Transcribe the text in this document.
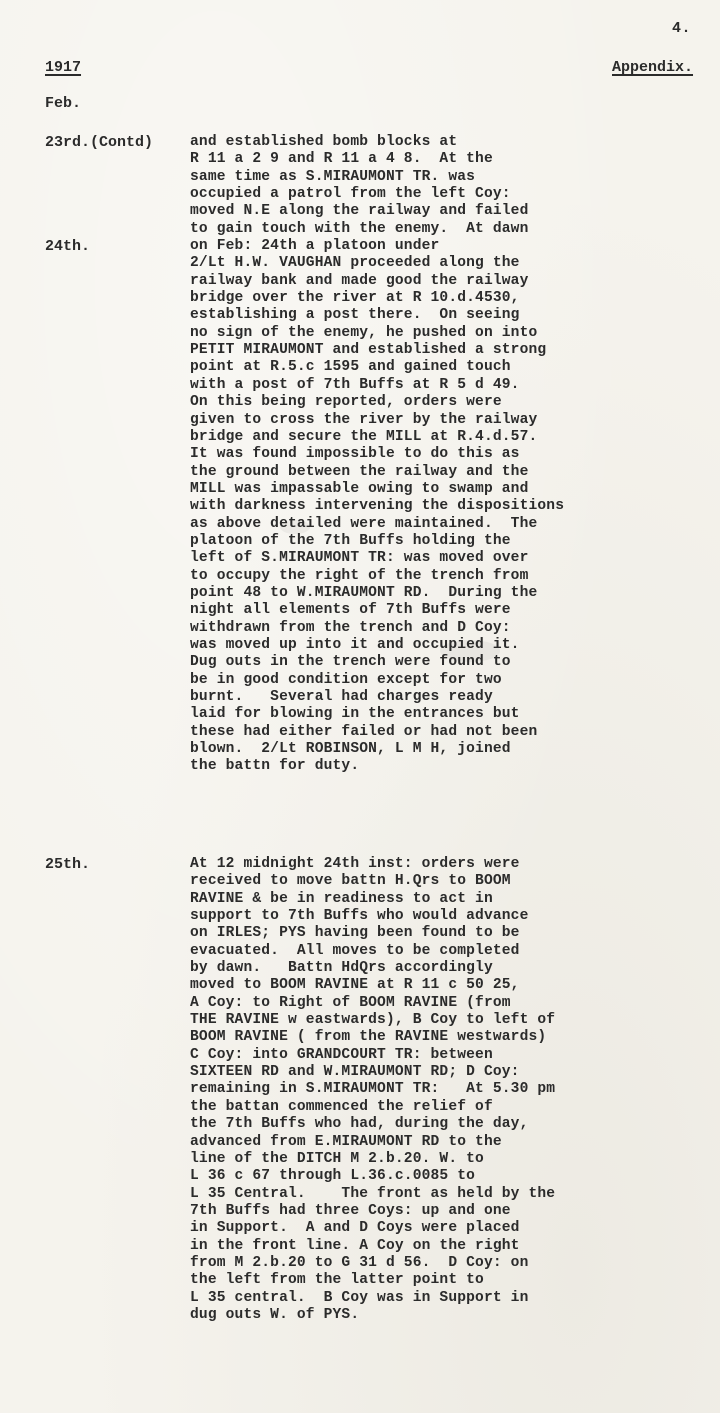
4.
1917	Appendix.
Feb.
23rd.(Contd)
24th.
and established bomb blocks at
R 11 a 2 9 and R 11 a 4 8.  At the
same time as S.MIRAUMONT TR. was
occupied a patrol from the left Coy:
moved N.E along the railway and failed
to gain touch with the enemy.  At dawn
on Feb: 24th a platoon under
2/Lt H.W. VAUGHAN proceeded along the
railway bank and made good the railway
bridge over the river at R 10.d.4530,
establishing a post there.  On seeing
no sign of the enemy, he pushed on into
PETIT MIRAUMONT and established a strong
point at R.5.c 1595 and gained touch
with a post of 7th Buffs at R 5 d 49.
On this being reported, orders were
given to cross the river by the railway
bridge and secure the MILL at R.4.d.57.
It was found impossible to do this as
the ground between the railway and the
MILL was impassable owing to swamp and
with darkness intervening the dispositions
as above detailed were maintained.  The
platoon of the 7th Buffs holding the
left of S.MIRAUMONT TR: was moved over
to occupy the right of the trench from
point 48 to W.MIRAUMONT RD.  During the
night all elements of 7th Buffs were
withdrawn from the trench and D Coy:
was moved up into it and occupied it.
Dug outs in the trench were found to
be in good condition except for two
burnt.   Several had charges ready
laid for blowing in the entrances but
these had either failed or had not been
blown.  2/Lt ROBINSON, L M H, joined
the battn for duty.
25th.	At 12 midnight 24th inst: orders were
received to move battn H.Qrs to BOOM
RAVINE & be in readiness to act in
support to 7th Buffs who would advance
on IRLES; PYS having been found to be
evacuated.  All moves to be completed
by dawn.   Battn HdQrs accordingly
moved to BOOM RAVINE at R 11 c 50 25,
A Coy: to Right of BOOM RAVINE (from
THE RAVINE w eastwards), B Coy to left of
BOOM RAVINE ( from the RAVINE westwards)
C Coy: into GRANDCOURT TR: between
SIXTEEN RD and W.MIRAUMONT RD; D Coy:
remaining in S.MIRAUMONT TR:   At 5.30 pm
the battan commenced the relief of
the 7th Buffs who had, during the day,
advanced from E.MIRAUMONT RD to the
line of the DITCH M 2.b.20. W. to
L 36 c 67 through L.36.c.0085 to
L 35 Central.    The front as held by the
7th Buffs had three Coys: up and one
in Support.  A and D Coys were placed
in the front line. A Coy on the right
from M 2.b.20 to G 31 d 56.  D Coy: on
the left from the latter point to
L 35 central.  B Coy was in Support in
dug outs W. of PYS.
